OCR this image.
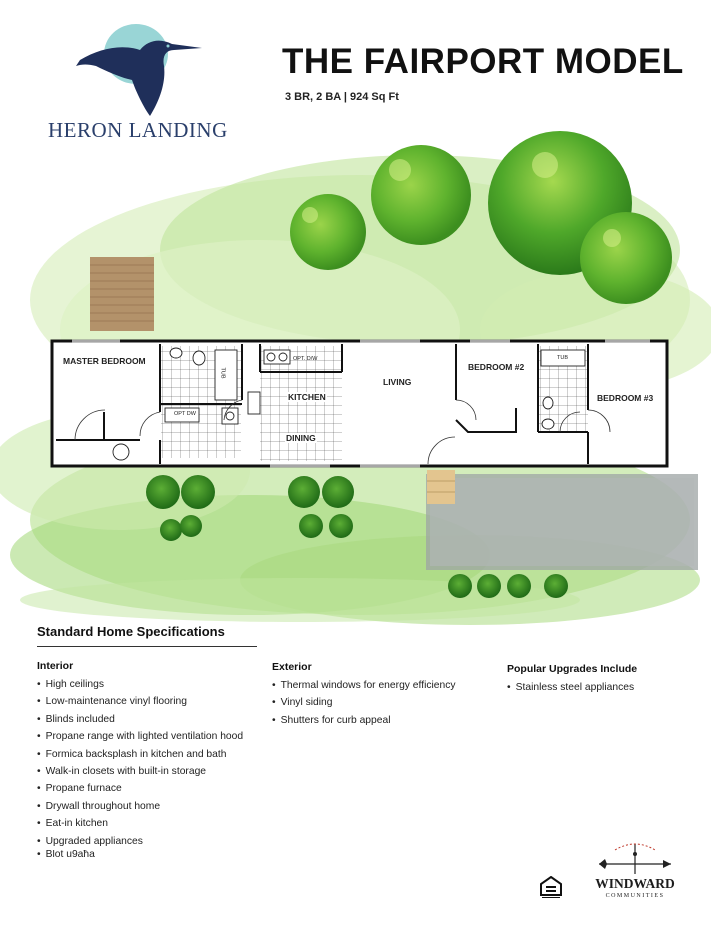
HERON LANDING
THE FAIRPORT MODEL
3 BR, 2 BA | 924 Sq Ft
MASTER BEDROOM
KITCHEN
DINING
LIVING
BEDROOM #2
BEDROOM #3
TUB
TUB
OPT DW
OPT. D/W
Standard Home Specifications
Interior
• High ceilings
• Low-maintenance vinyl flooring
• Blinds included
• Propane range with lighted ventilation hood
• Formica backsplash in kitchen and bath
• Walk-in closets with built-in storage
• Propane furnace
• Drywall throughout home
• Eat-in kitchen
• Upgraded appliances
• Blot u9aħa
Exterior
• Thermal windows for energy efficiency
• Vinyl siding
• Shutters for curb appeal
Popular Upgrades Include
• Stainless steel appliances
WINDWARD
COMMUNITIES
